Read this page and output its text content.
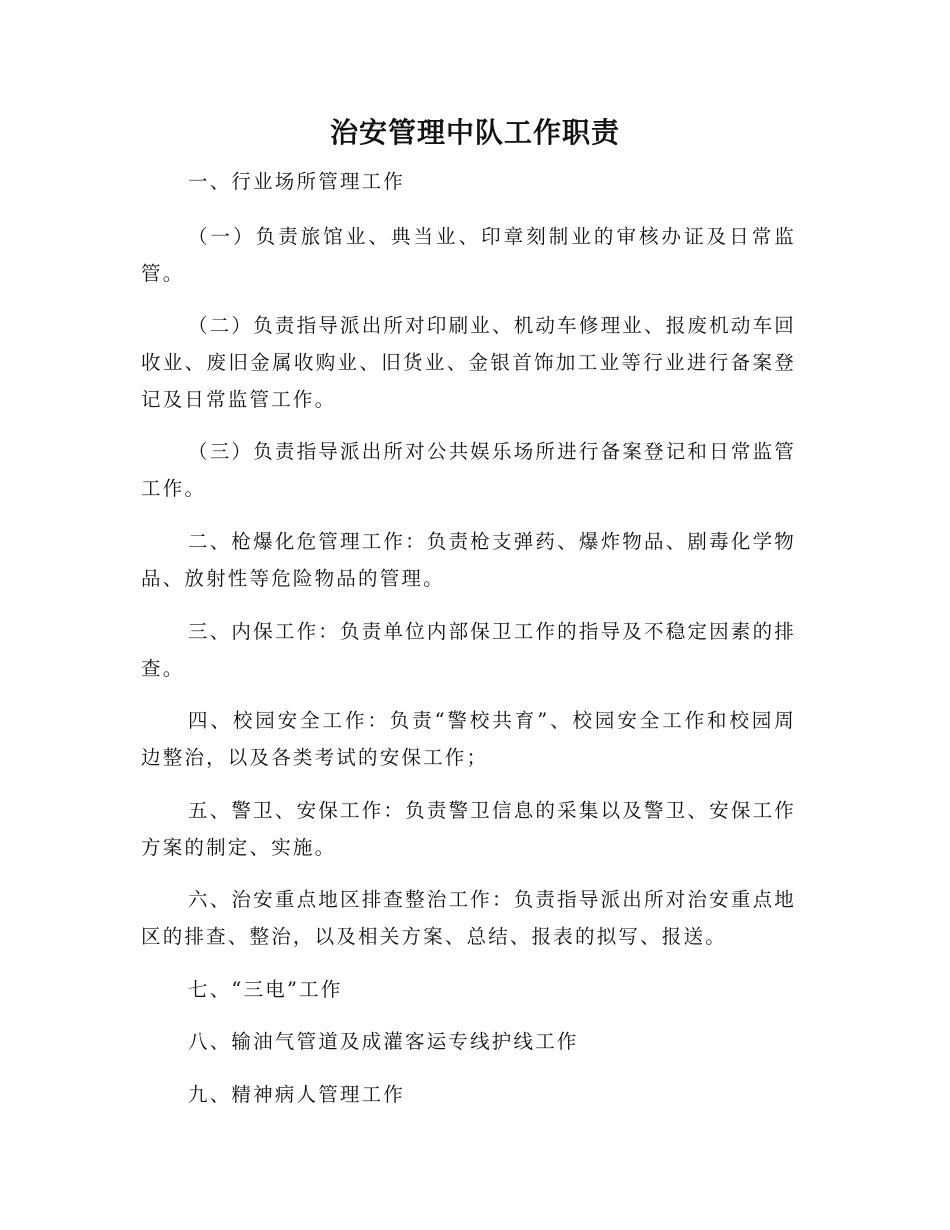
治安管理中队工作职责

一、行业场所管理工作

（一）负责旅馆业、典当业、印章刻制业的审核办证及日常监管。

（二）负责指导派出所对印刷业、机动车修理业、报废机动车回收业、废旧金属收购业、旧货业、金银首饰加工业等行业进行备案登记及日常监管工作。

（三）负责指导派出所对公共娱乐场所进行备案登记和日常监管工作。

二、枪爆化危管理工作：负责枪支弹药、爆炸物品、剧毒化学物品、放射性等危险物品的管理。

三、内保工作：负责单位内部保卫工作的指导及不稳定因素的排查。

四、校园安全工作：负责“警校共育”、校园安全工作和校园周边整治，以及各类考试的安保工作；

五、警卫、安保工作：负责警卫信息的采集以及警卫、安保工作方案的制定、实施。

六、治安重点地区排查整治工作：负责指导派出所对治安重点地区的排查、整治，以及相关方案、总结、报表的拟写、报送。

七、“三电”工作

八、输油气管道及成灌客运专线护线工作

九、精神病人管理工作
